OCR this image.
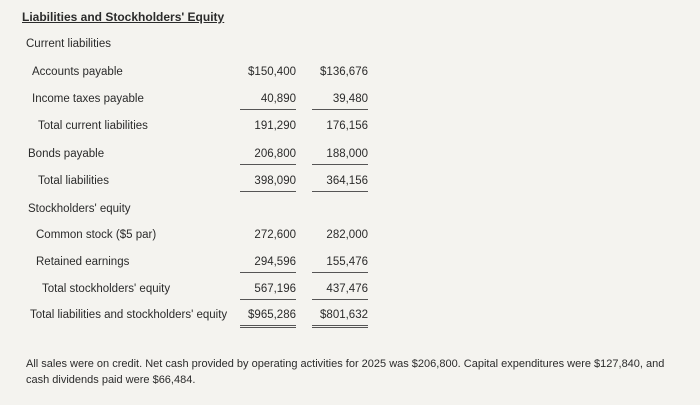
Liabilities and Stockholders' Equity
Current liabilities
Accounts payable	$150,400	$136,676
Income taxes payable	40,890	39,480
Total current liabilities	191,290	176,156
Bonds payable	206,800	188,000
Total liabilities	398,090	364,156
Stockholders' equity
Common stock ($5 par)	272,600	282,000
Retained earnings	294,596	155,476
Total stockholders' equity	567,196	437,476
Total liabilities and stockholders' equity	$965,286	$801,632
All sales were on credit. Net cash provided by operating activities for 2025 was $206,800. Capital expenditures were $127,840, and cash dividends paid were $66,484.
